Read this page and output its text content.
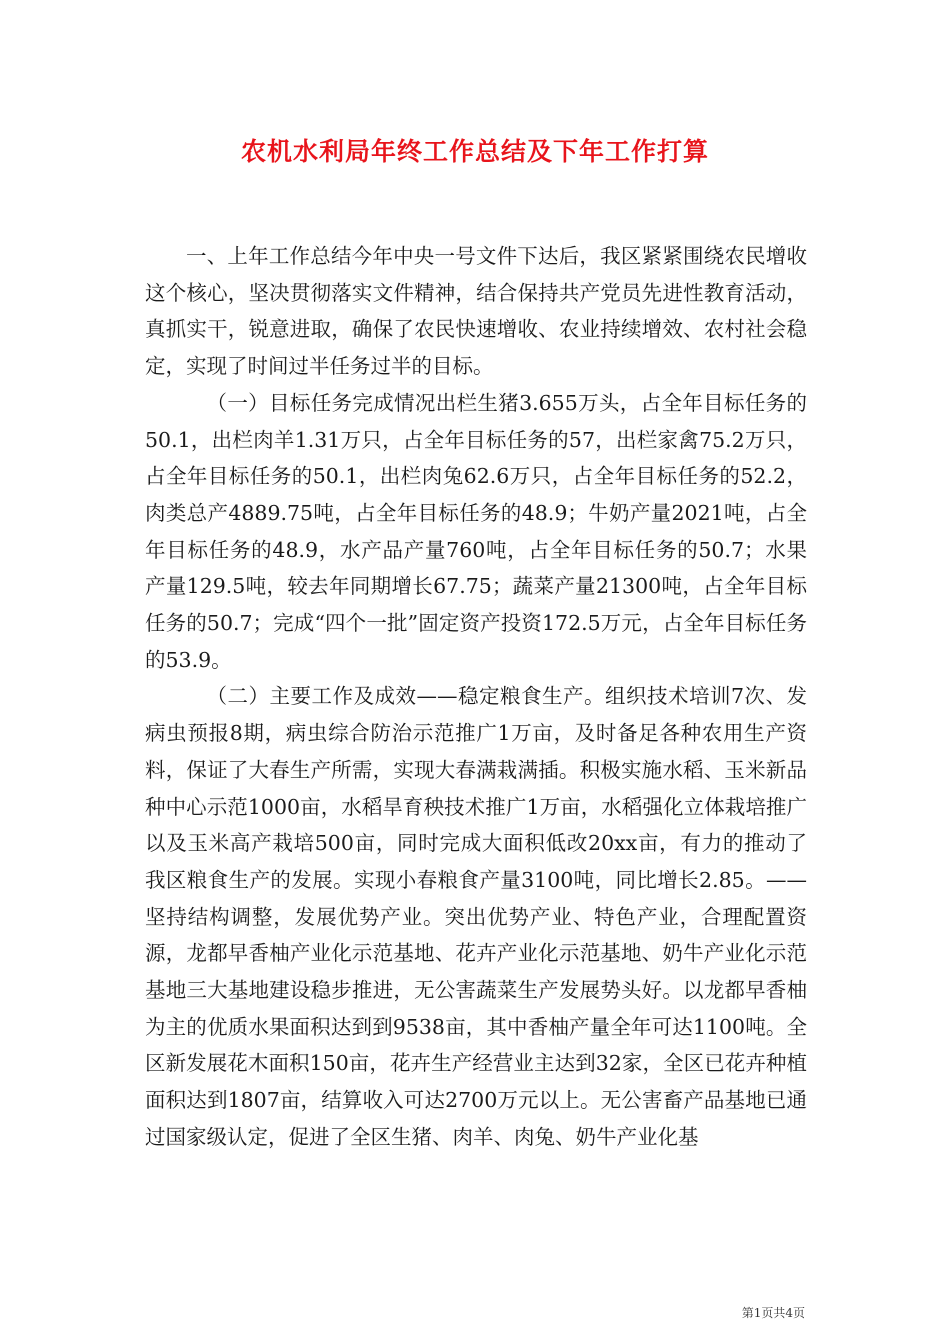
农机水利局年终工作总结及下年工作打算

一、上年工作总结今年中央一号文件下达后，我区紧紧围绕农民增收这个核心，坚决贯彻落实文件精神，结合保持共产党员先进性教育活动，真抓实干，锐意进取，确保了农民快速增收、农业持续增效、农村社会稳定，实现了时间过半任务过半的目标。

（一）目标任务完成情况出栏生猪3.655万头，占全年目标任务的50.1，出栏肉羊1.31万只，占全年目标任务的57，出栏家禽75.2万只，占全年目标任务的50.1，出栏肉兔62.6万只，占全年目标任务的52.2，肉类总产4889.75吨，占全年目标任务的48.9；牛奶产量2021吨，占全年目标任务的48.9，水产品产量760吨，占全年目标任务的50.7；水果产量129.5吨，较去年同期增长67.75；蔬菜产量21300吨，占全年目标任务的50.7；完成“四个一批”固定资产投资172.5万元，占全年目标任务的53.9。

（二）主要工作及成效——稳定粮食生产。组织技术培训7次、发病虫预报8期，病虫综合防治示范推广1万亩，及时备足各种农用生产资料，保证了大春生产所需，实现大春满栽满插。积极实施水稻、玉米新品种中心示范1000亩，水稻旱育秧技术推广1万亩，水稻强化立体栽培推广以及玉米高产栽培500亩，同时完成大面积低改20xx亩，有力的推动了我区粮食生产的发展。实现小春粮食产量3100吨，同比增长2.85。——坚持结构调整，发展优势产业。突出优势产业、特色产业，合理配置资源，龙都早香柚产业化示范基地、花卉产业化示范基地、奶牛产业化示范基地三大基地建设稳步推进，无公害蔬菜生产发展势头好。以龙都早香柚为主的优质水果面积达到到9538亩，其中香柚产量全年可达1100吨。全区新发展花木面积150亩，花卉生产经营业主达到32家，全区已花卉种植面积达到1807亩，结算收入可达2700万元以上。无公害畜产品基地已通过国家级认定，促进了全区生猪、肉羊、肉兔、奶牛产业化基

第1页共4页
